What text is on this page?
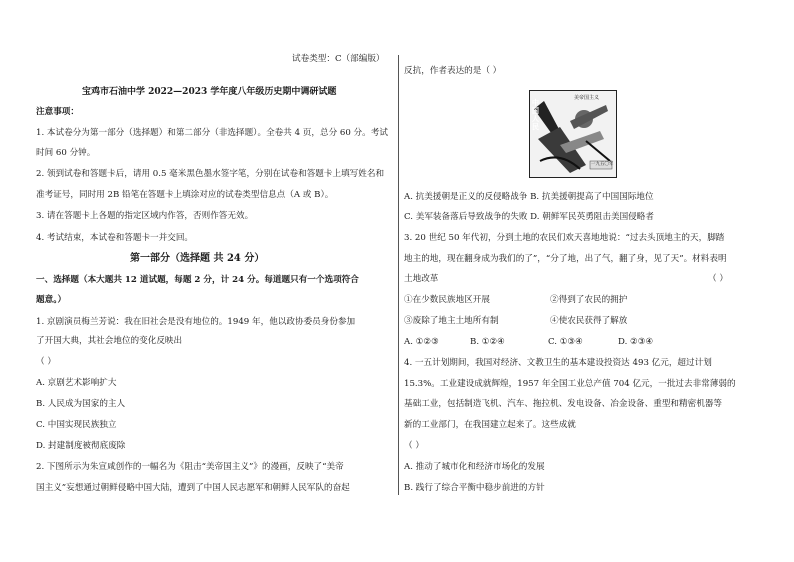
试卷类型：C（部编版）
宝鸡市石油中学 2022—2023 学年度八年级历史期中调研试题
注意事项：
1. 本试卷分为第一部分（选择题）和第二部分（非选择题）。全卷共 4 页，总分 60 分。考试
时间 60 分钟。
2. 领到试卷和答题卡后，请用 0.5 毫米黑色墨水签字笔，分别在试卷和答题卡上填写姓名和
准考证号，同时用 2B 铅笔在答题卡上填涂对应的试卷类型信息点（A 或 B）。
3. 请在答题卡上各题的指定区域内作答，否则作答无效。
4. 考试结束，本试卷和答题卡一并交回。
第一部分（选择题 共 24 分）
一、选择题（本大题共 12 道试题，每题 2 分，计 24 分。每道题只有一个选项符合
题意。）
1. 京剧演员梅兰芳说：我在旧社会是没有地位的。1949 年，他以政协委员身份参加
了开国大典，其社会地位的变化反映出
（ ）
A. 京剧艺术影响扩大
B. 人民成为国家的主人
C. 中国实现民族独立
D. 封建制度被彻底废除
2. 下图所示为朱宣咸创作的一幅名为《阻击“美帝国主义”》的漫画，反映了“美帝
国主义”妄想通过朝鲜侵略中国大陆，遭到了中国人民志愿军和朝鲜人民军队的奋起
反抗，作者表达的是（ ）
中国人民
美帝国主义
一九五〇年
A. 抗美援朝是正义的反侵略战争 B. 抗美援朝提高了中国国际地位
C. 美军装备落后导致战争的失败 D. 朝鲜军民英勇阻击美国侵略者
3. 20 世纪 50 年代初，分到土地的农民们欢天喜地地说：“过去头顶地主的天，脚踏
地主的地，现在翻身成为我们的了”，“分了地，出了气，翻了身，见了天”。材料表明
土地改革	（ ）
①在少数民族地区开展	②得到了农民的拥护
③废除了地主土地所有制	④使农民获得了解放
A. ①②③	B. ①②④	C. ①③④	D. ②③④
4. 一五计划期间，我国对经济、文教卫生的基本建设投资达 493 亿元，超过计划
15.3%。工业建设成就辉煌，1957 年全国工业总产值 704 亿元，一批过去非常薄弱的
基础工业，包括制造飞机、汽车、拖拉机、发电设备、冶金设备、重型和精密机器等
新的工业部门，在我国建立起来了。这些成就
（ ）
A. 推动了城市化和经济市场化的发展
B. 践行了综合平衡中稳步前进的方针
